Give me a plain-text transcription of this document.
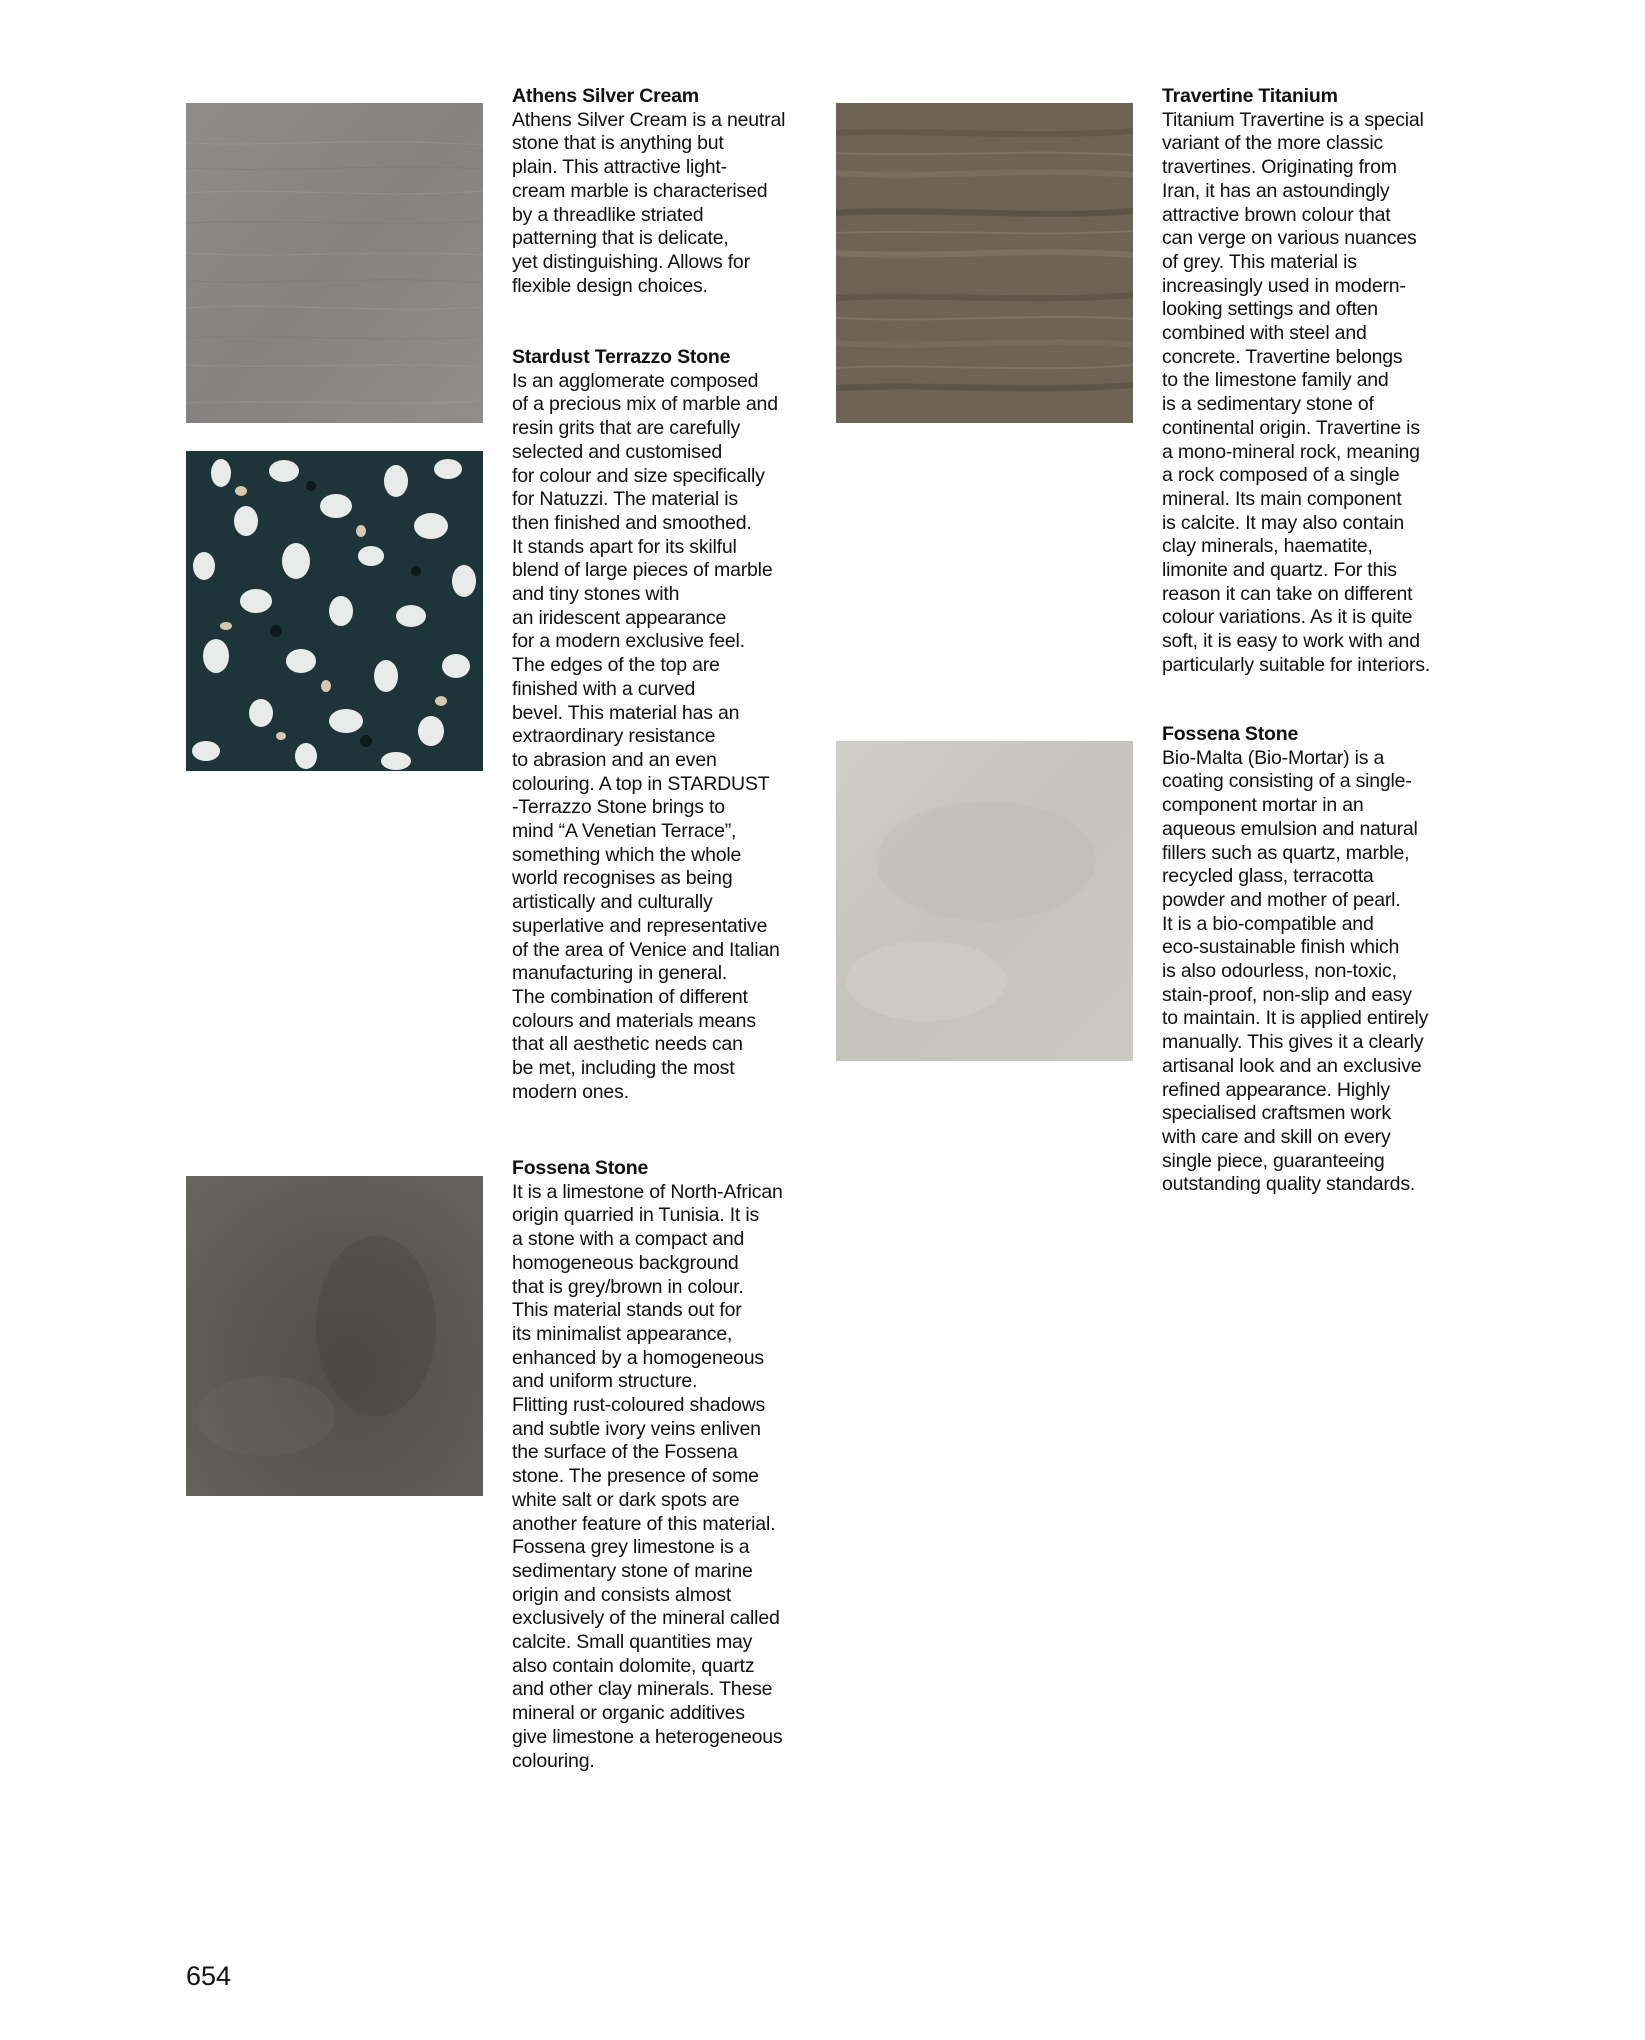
Athens Silver Cream
Athens Silver Cream is a neutral
stone that is anything but
plain. This attractive light-
cream marble is characterised
by a threadlike striated
patterning that is delicate,
yet distinguishing. Allows for
flexible design choices.
Stardust Terrazzo Stone
Is an agglomerate composed
of a precious mix of marble and
resin grits that are carefully
selected and customised
for colour and size specifically
for Natuzzi. The material is
then finished and smoothed.
It stands apart for its skilful
blend of large pieces of marble
and tiny stones with
an iridescent appearance
for a modern exclusive feel.
The edges of the top are
finished with a curved
bevel. This material has an
extraordinary resistance
to abrasion and an even
colouring. A top in STARDUST
-Terrazzo Stone brings to
mind “A Venetian Terrace”,
something which the whole
world recognises as being
artistically and culturally
superlative and representative
of the area of Venice and Italian
manufacturing in general.
The combination of different
colours and materials means
that all aesthetic needs can
be met, including the most
modern ones.
Fossena Stone
It is a limestone of North-African
origin quarried in Tunisia. It is
a stone with a compact and
homogeneous background
that is grey/brown in colour.
This material stands out for
its minimalist appearance,
enhanced by a homogeneous
and uniform structure.
Flitting rust-coloured shadows
and subtle ivory veins enliven
the surface of the Fossena
stone. The presence of some
white salt or dark spots are
another feature of this material.
Fossena grey limestone is a
sedimentary stone of marine
origin and consists almost
exclusively of the mineral called
calcite. Small quantities may
also contain dolomite, quartz
and other clay minerals. These
mineral or organic additives
give limestone a heterogeneous
colouring.
Travertine Titanium
Titanium Travertine is a special
variant of the more classic
travertines. Originating from
Iran, it has an astoundingly
attractive brown colour that
can verge on various nuances
of grey. This material is
increasingly used in modern-
looking settings and often
combined with steel and
concrete. Travertine belongs
to the limestone family and
is a sedimentary stone of
continental origin. Travertine is
a mono-mineral rock, meaning
a rock composed of a single
mineral. Its main component
is calcite. It may also contain
clay minerals, haematite,
limonite and quartz. For this
reason it can take on different
colour variations. As it is quite
soft, it is easy to work with and
particularly suitable for interiors.
Fossena Stone
Bio-Malta (Bio-Mortar) is a
coating consisting of a single-
component mortar in an
aqueous emulsion and natural
fillers such as quartz, marble,
recycled glass, terracotta
powder and mother of pearl.
It is a bio-compatible and
eco-sustainable finish which
is also odourless, non-toxic,
stain-proof, non-slip and easy
to maintain. It is applied entirely
manually. This gives it a clearly
artisanal look and an exclusive
refined appearance. Highly
specialised craftsmen work
with care and skill on every
single piece, guaranteeing
outstanding quality standards.
654
